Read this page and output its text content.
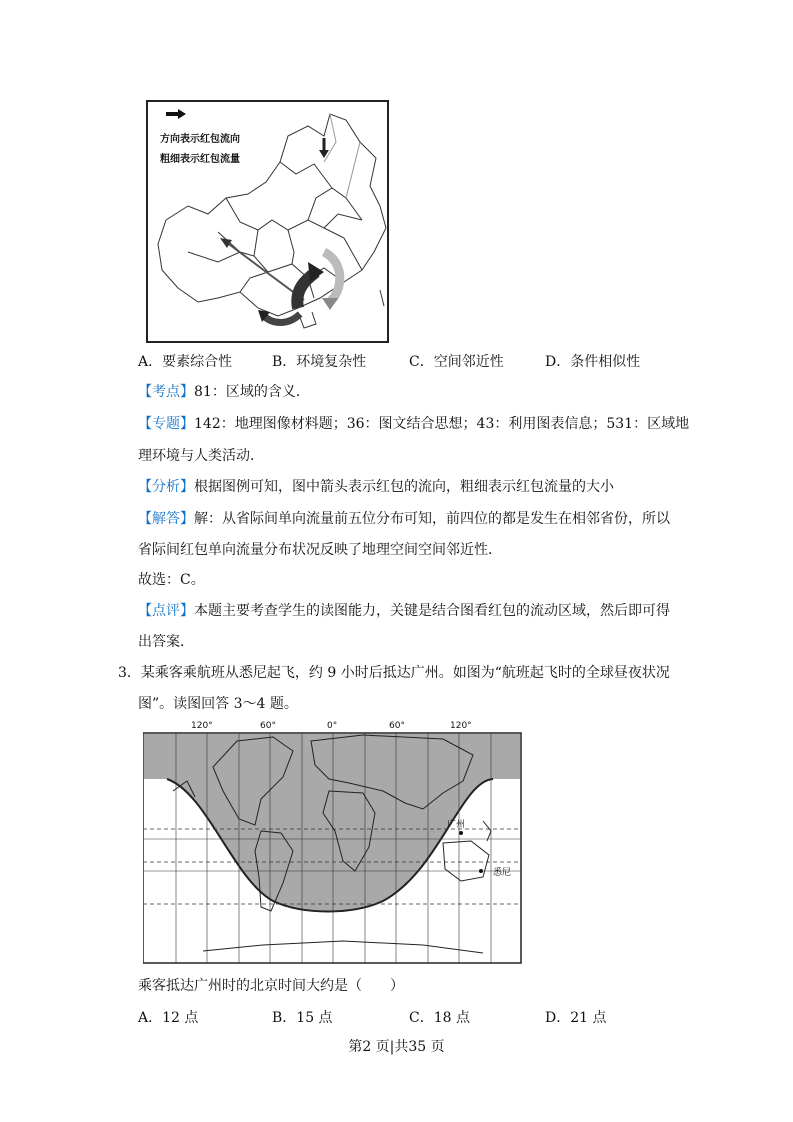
方向表示红包流向
粗细表示红包流量
A．要素综合性	B．环境复杂性	C．空间邻近性	D．条件相似性
【考点】81：区域的含义．
【专题】142：地理图像材料题；36：图文结合思想；43：利用图表信息；531：区域地
理环境与人类活动．
【分析】根据图例可知，图中箭头表示红包的流向，粗细表示红包流量的大小
【解答】解：从省际间单向流量前五位分布可知，前四位的都是发生在相邻省份，所以
省际间红包单向流量分布状况反映了地理空间空间邻近性．
故选：C。
【点评】本题主要考查学生的读图能力，关键是结合图看红包的流动区域，然后即可得
出答案．
3．某乘客乘航班从悉尼起飞，约 9 小时后抵达广州。如图为“航班起飞时的全球昼夜状况
图”。读图回答 3～4 题。
120°	60°	0°	60°	120°
广州
悉尼
乘客抵达广州时的北京时间大约是（　　）
A．12 点	B．15 点	C．18 点	D．21 点
第2 页|共35 页
